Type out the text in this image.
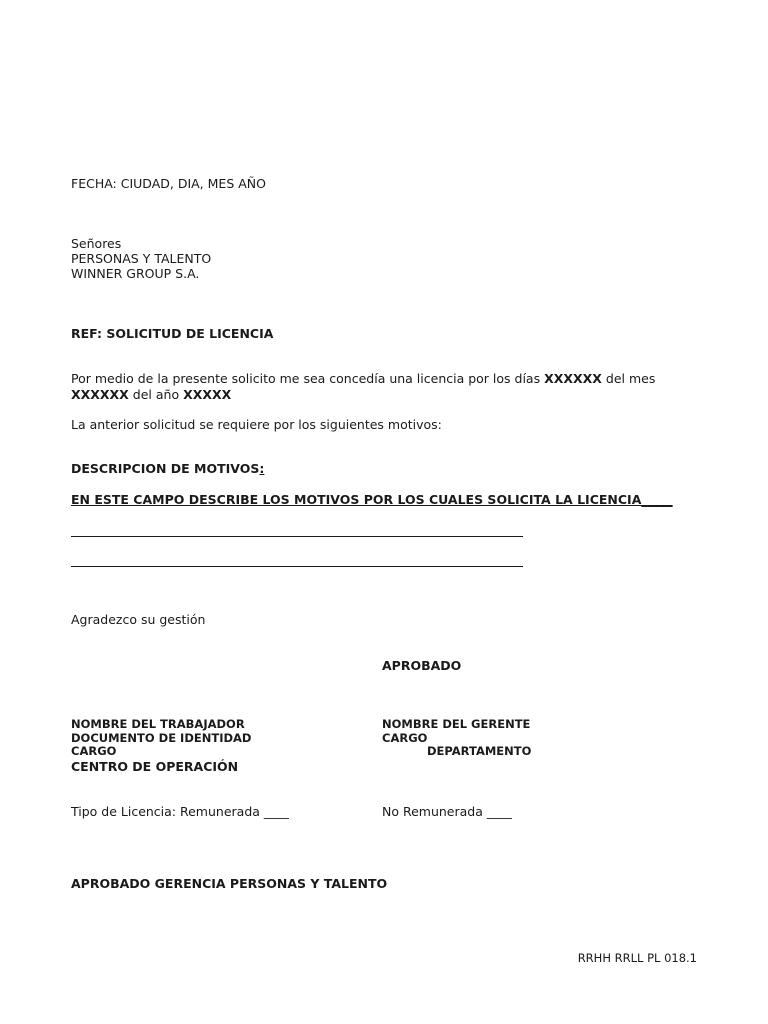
FECHA: CIUDAD, DIA, MES AÑO
Señores
PERSONAS Y TALENTO
WINNER GROUP S.A.
REF: SOLICITUD DE LICENCIA
Por medio de la presente solicito me sea concedía una licencia por los días XXXXXX del mes
XXXXXX del año XXXXX
La anterior solicitud se requiere por los siguientes motivos:
DESCRIPCION DE MOTIVOS:
EN ESTE CAMPO DESCRIBE LOS MOTIVOS POR LOS CUALES SOLICITA LA LICENCIA_____
Agradezco su gestión
APROBADO
NOMBRE DEL TRABAJADOR
DOCUMENTO DE IDENTIDAD
CARGO
CENTRO DE OPERACIÓN
NOMBRE DEL GERENTE
CARGO
DEPARTAMENTO
Tipo de Licencia: Remunerada ____	No Remunerada ____
APROBADO GERENCIA PERSONAS Y TALENTO
RRHH RRLL PL 018.1
